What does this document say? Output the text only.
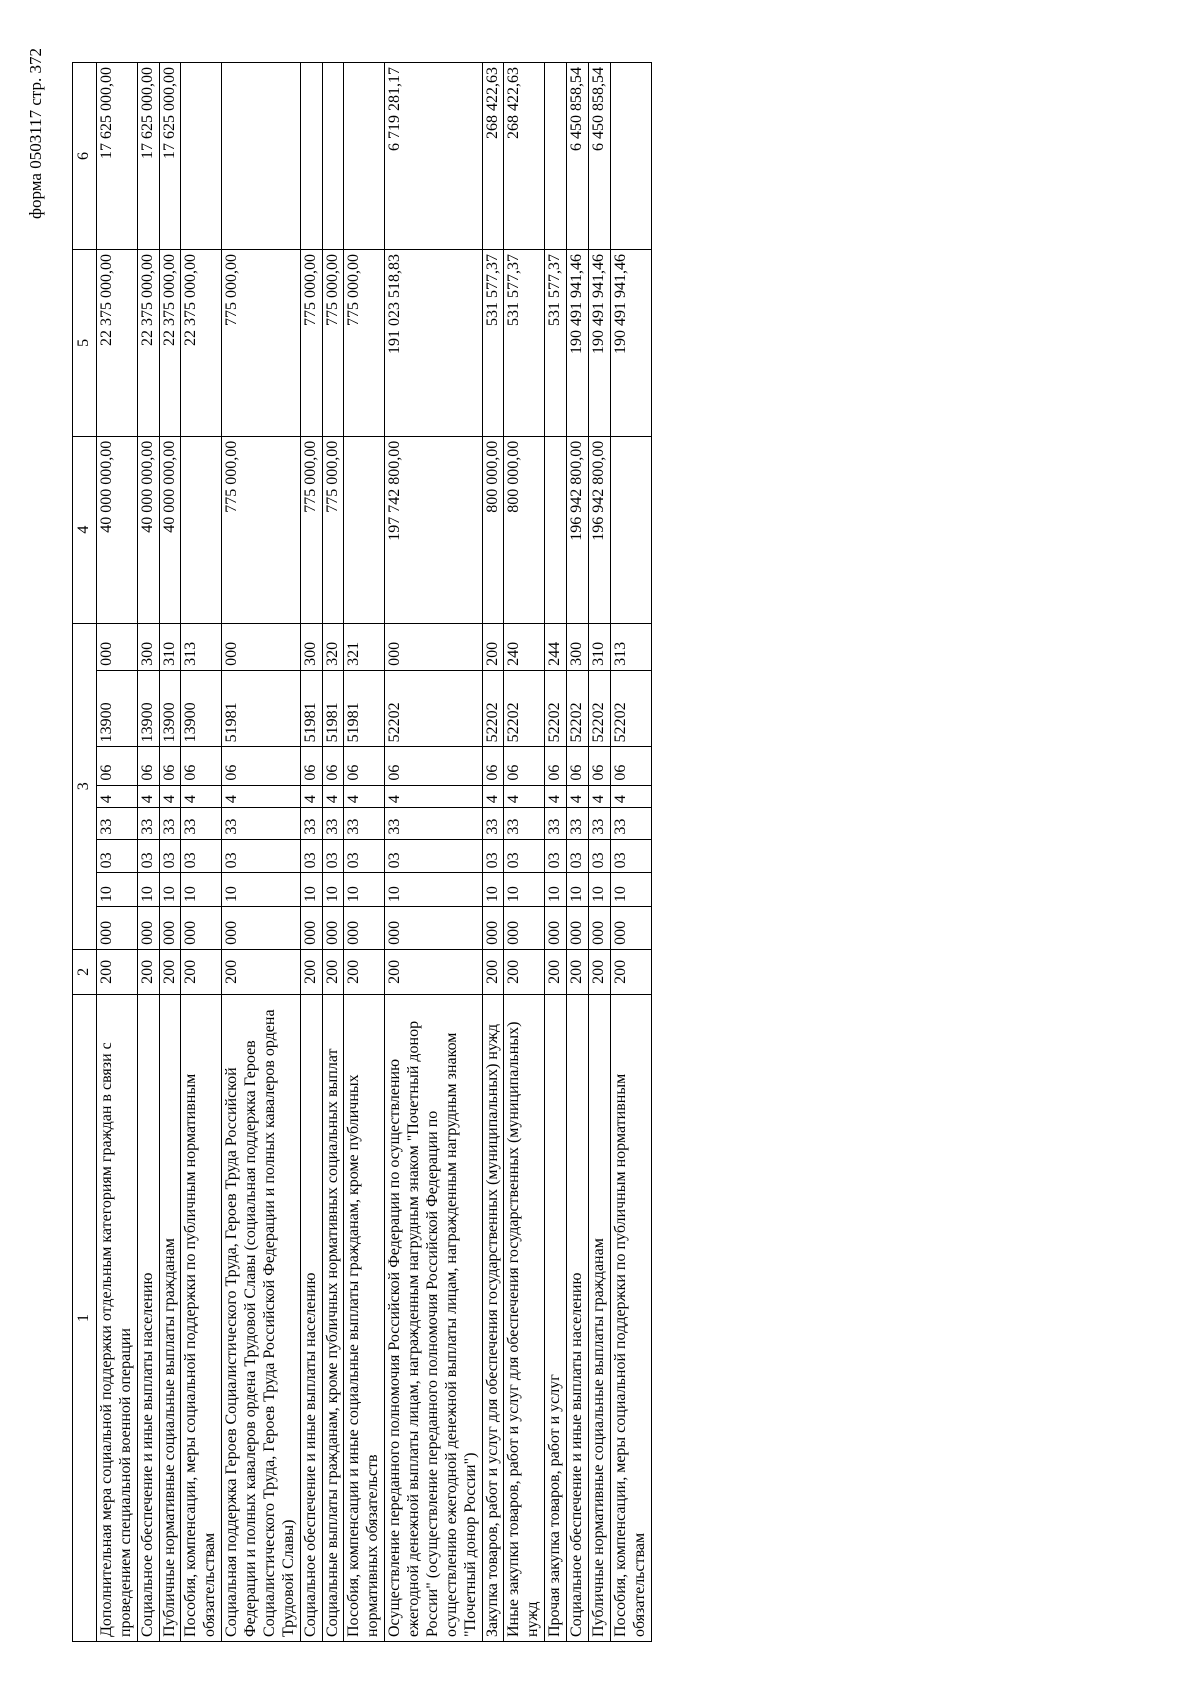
форма 0503117 стр. 372
1	2	3								4	5	6
Дополнительная мера социальной поддержки отдельным категориям граждан в связи с проведением специальной военной операции	200	000	10	03	33	4	06	13900	000	40 000 000,00	22 375 000,00	17 625 000,00
Социальное обеспечение и иные выплаты населению	200	000	10	03	33	4	06	13900	300	40 000 000,00	22 375 000,00	17 625 000,00
Публичные нормативные социальные выплаты гражданам	200	000	10	03	33	4	06	13900	310	40 000 000,00	22 375 000,00	17 625 000,00
Пособия, компенсации, меры социальной поддержки по публичным нормативным обязательствам	200	000	10	03	33	4	06	13900	313		22 375 000,00	
Социальная поддержка Героев Социалистического Труда, Героев Труда Российской Федерации и полных кавалеров ордена Трудовой Славы (социальная поддержка Героев Социалистического Труда, Героев Труда Российской Федерации и полных кавалеров ордена Трудовой Славы)	200	000	10	03	33	4	06	51981	000	775 000,00	775 000,00	
Социальное обеспечение и иные выплаты населению	200	000	10	03	33	4	06	51981	300	775 000,00	775 000,00	
Социальные выплаты гражданам, кроме публичных нормативных социальных выплат	200	000	10	03	33	4	06	51981	320	775 000,00	775 000,00	
Пособия, компенсации и иные социальные выплаты гражданам, кроме публичных нормативных обязательств	200	000	10	03	33	4	06	51981	321		775 000,00	
Осуществление переданного полномочия Российской Федерации по осуществлению ежегодной денежной выплаты лицам, награжденным нагрудным знаком "Почетный донор России" (осуществление переданного полномочия Российской Федерации по осуществлению ежегодной денежной выплаты лицам, награжденным нагрудным знаком "Почетный донор России")	200	000	10	03	33	4	06	52202	000	197 742 800,00	191 023 518,83	6 719 281,17
Закупка товаров, работ и услуг для обеспечения государственных (муниципальных) нужд	200	000	10	03	33	4	06	52202	200	800 000,00	531 577,37	268 422,63
Иные закупки товаров, работ и услуг для обеспечения государственных (муниципальных) нужд	200	000	10	03	33	4	06	52202	240	800 000,00	531 577,37	268 422,63
Прочая закупка товаров, работ и услуг	200	000	10	03	33	4	06	52202	244		531 577,37	
Социальное обеспечение и иные выплаты населению	200	000	10	03	33	4	06	52202	300	196 942 800,00	190 491 941,46	6 450 858,54
Публичные нормативные социальные выплаты гражданам	200	000	10	03	33	4	06	52202	310	196 942 800,00	190 491 941,46	6 450 858,54
Пособия, компенсации, меры социальной поддержки по публичным нормативным обязательствам	200	000	10	03	33	4	06	52202	313		190 491 941,46	
